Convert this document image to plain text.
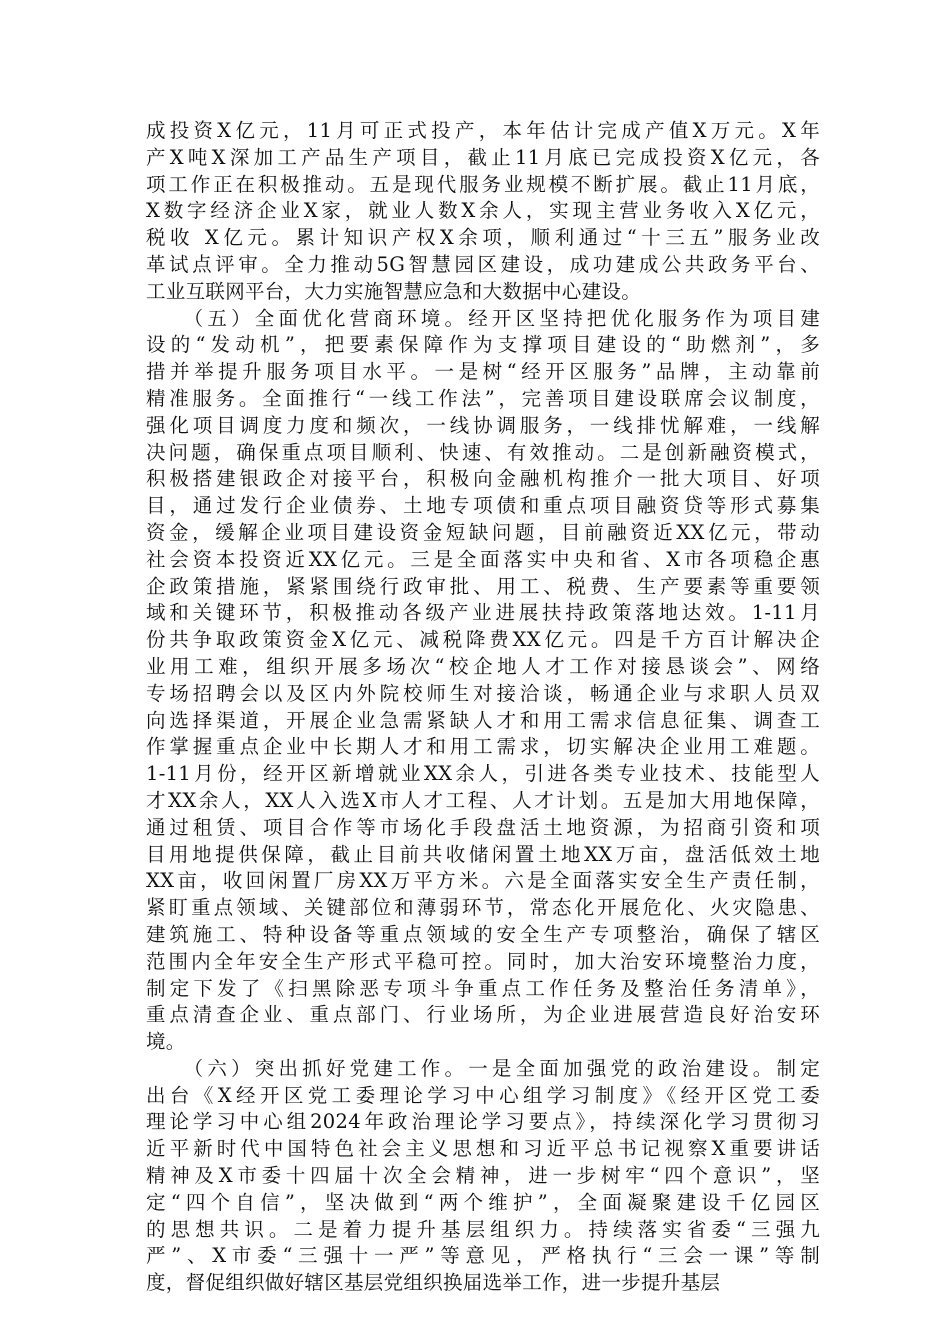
成投资X亿元，11月可正式投产，本年估计完成产值X万元。X年
产X吨X深加工产品生产项目，截止11月底已完成投资X亿元，各
项工作正在积极推动。五是现代服务业规模不断扩展。截止11月底，
X数字经济企业X家，就业人数X余人，实现主营业务收入X亿元，
税收 X亿元。累计知识产权X余项，顺利通过“十三五”服务业改
革试点评审。全力推动5G智慧园区建设，成功建成公共政务平台、
工业互联网平台，大力实施智慧应急和大数据中心建设。
　　（五）全面优化营商环境。经开区坚持把优化服务作为项目建
设的“发动机”，把要素保障作为支撑项目建设的“助燃剂”，多
措并举提升服务项目水平。一是树“经开区服务”品牌，主动靠前
精准服务。全面推行“一线工作法”，完善项目建设联席会议制度，
强化项目调度力度和频次，一线协调服务，一线排忧解难，一线解
决问题，确保重点项目顺利、快速、有效推动。二是创新融资模式，
积极搭建银政企对接平台，积极向金融机构推介一批大项目、好项
目，通过发行企业债券、土地专项债和重点项目融资贷等形式募集
资金，缓解企业项目建设资金短缺问题，目前融资近XX亿元，带动
社会资本投资近XX亿元。三是全面落实中央和省、X市各项稳企惠
企政策措施，紧紧围绕行政审批、用工、税费、生产要素等重要领
域和关键环节，积极推动各级产业进展扶持政策落地达效。1-11月
份共争取政策资金X亿元、减税降费XX亿元。四是千方百计解决企
业用工难，组织开展多场次“校企地人才工作对接恳谈会”、网络
专场招聘会以及区内外院校师生对接洽谈，畅通企业与求职人员双
向选择渠道，开展企业急需紧缺人才和用工需求信息征集、调查工
作掌握重点企业中长期人才和用工需求，切实解决企业用工难题。
1-11月份，经开区新增就业XX余人，引进各类专业技术、技能型人
才XX余人，XX人入选X市人才工程、人才计划。五是加大用地保障，
通过租赁、项目合作等市场化手段盘活土地资源，为招商引资和项
目用地提供保障，截止目前共收储闲置土地XX万亩，盘活低效土地
XX亩，收回闲置厂房XX万平方米。六是全面落实安全生产责任制，
紧盯重点领域、关键部位和薄弱环节，常态化开展危化、火灾隐患、
建筑施工、特种设备等重点领域的安全生产专项整治，确保了辖区
范围内全年安全生产形式平稳可控。同时，加大治安环境整治力度，
制定下发了《扫黑除恶专项斗争重点工作任务及整治任务清单》，
重点清查企业、重点部门、行业场所，为企业进展营造良好治安环
境。
　　（六）突出抓好党建工作。一是全面加强党的政治建设。制定
出台《X经开区党工委理论学习中心组学习制度》《经开区党工委
理论学习中心组2024年政治理论学习要点》，持续深化学习贯彻习
近平新时代中国特色社会主义思想和习近平总书记视察X重要讲话
精神及X市委十四届十次全会精神，进一步树牢“四个意识”，坚
定“四个自信”，坚决做到“两个维护”，全面凝聚建设千亿园区
的思想共识。二是着力提升基层组织力。持续落实省委“三强九
严”、X市委“三强十一严”等意见，严格执行“三会一课”等制
度，督促组织做好辖区基层党组织换届选举工作，进一步提升基层
